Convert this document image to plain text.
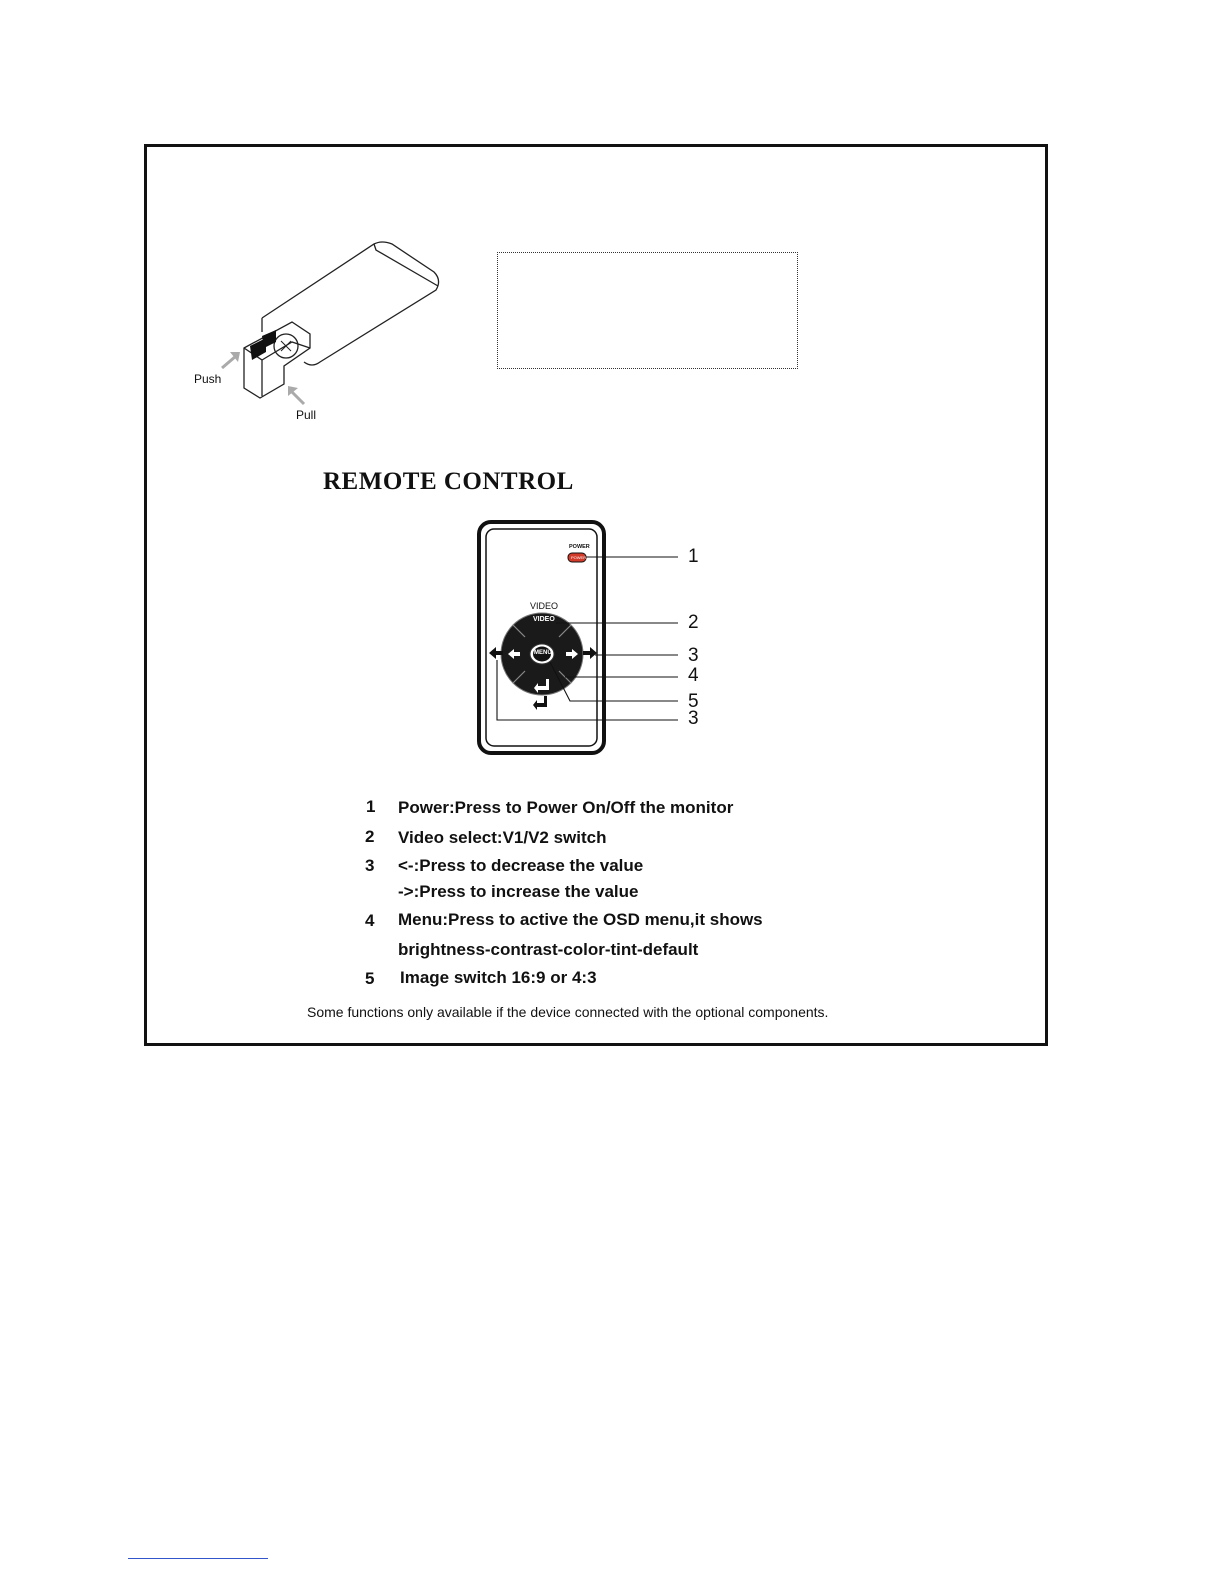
Push
Pull
REMOTE CONTROL
POWER
POWER
VIDEO
VIDEO
MENU
1
2
3
4
5
3
1 Power:Press to Power On/Off the monitor
2 Video select:V1/V2 switch
3 <-:Press to decrease the value
->:Press to increase the value
4 Menu:Press to active the OSD menu,it shows
brightness-contrast-color-tint-default
5 Image switch 16:9 or 4:3
Some functions only available if the device connected with the optional components.
